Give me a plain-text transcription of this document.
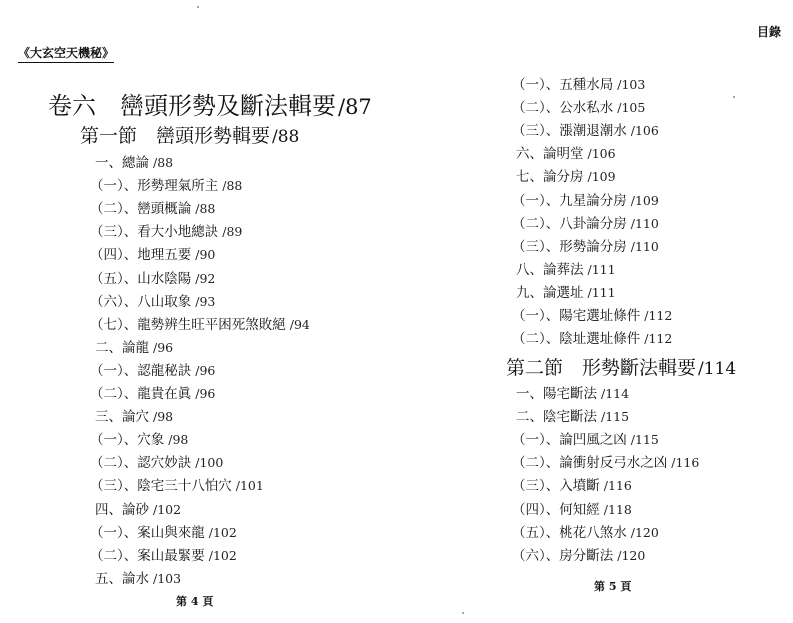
《大玄空天機秘》
卷六　巒頭形勢及斷法輯要/87
第一節　巒頭形勢輯要 /88
一、總論 /88
（一）、形勢理氣所主 /88
（二）、巒頭概論 /88
（三）、看大小地總訣 /89
（四）、地理五要 /90
（五）、山水陰陽 /92
（六）、八山取象 /93
（七）、龍勢辨生旺平困死煞敗絕 /94
二、論龍 /96
（一）、認龍秘訣 /96
（二）、龍貴在眞 /96
三、論穴 /98
（一）、穴象 /98
（二）、認穴妙訣 /100
（三）、陰宅三十八怕穴 /101
四、論砂 /102
（一）、案山與來龍 /102
（二）、案山最緊要 /102
五、論水 /103
第 4 頁
目錄
（一）、五種水局 /103
（二）、公水私水 /105
（三）、漲潮退潮水 /106
六、論明堂 /106
七、論分房 /109
（一）、九星論分房 /109
（二）、八卦論分房 /110
（三）、形勢論分房 /110
八、論葬法 /111
九、論選址 /111
（一）、陽宅選址條件 /112
（二）、陰址選址條件 /112
第二節　形勢斷法輯要 /114
一、陽宅斷法 /114
二、陰宅斷法 /115
（一）、論凹風之凶 /115
（二）、論衝射反弓水之凶 /116
（三）、入墳斷 /116
（四）、何知經 /118
（五）、桃花八煞水 /120
（六）、房分斷法 /120
第 5 頁
